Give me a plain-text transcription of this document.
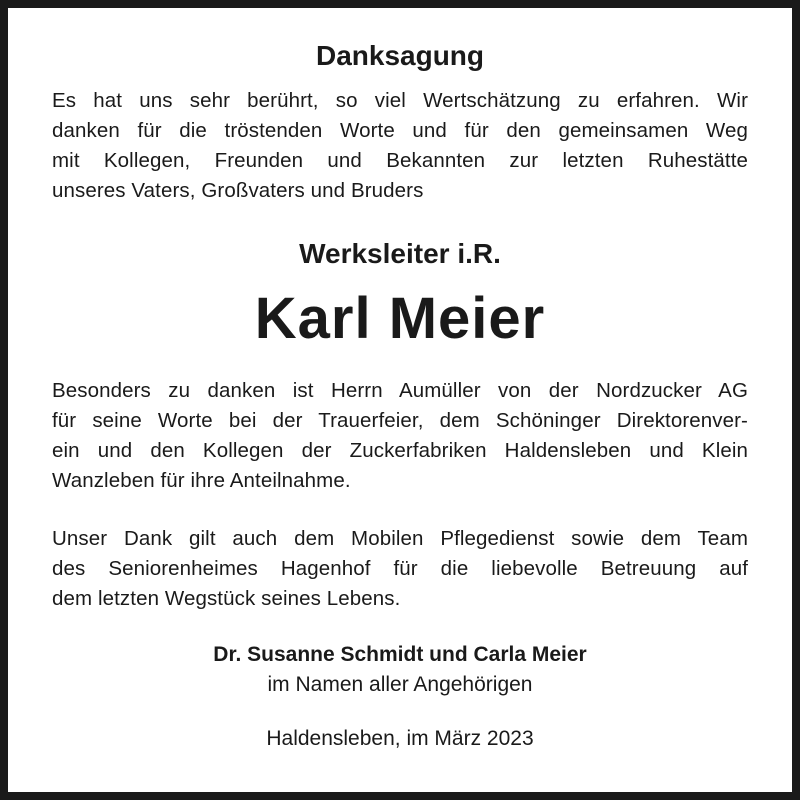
Danksagung
Es hat uns sehr berührt, so viel Wertschätzung zu erfahren. Wir
danken für die tröstenden Worte und für den gemeinsamen Weg
mit Kollegen, Freunden und Bekannten zur letzten Ruhestätte
unseres Vaters, Großvaters und Bruders
Werksleiter i.R.
Karl Meier
Besonders zu danken ist Herrn Aumüller von der Nordzucker AG
für seine Worte bei der Trauerfeier, dem Schöninger Direktorenver-
ein und den Kollegen der Zuckerfabriken Haldensleben und Klein
Wanzleben für ihre Anteilnahme.
Unser Dank gilt auch dem Mobilen Pflegedienst sowie dem Team
des Seniorenheimes Hagenhof für die liebevolle Betreuung auf
dem letzten Wegstück seines Lebens.
Dr. Susanne Schmidt und Carla Meier
im Namen aller Angehörigen
Haldensleben, im März 2023
